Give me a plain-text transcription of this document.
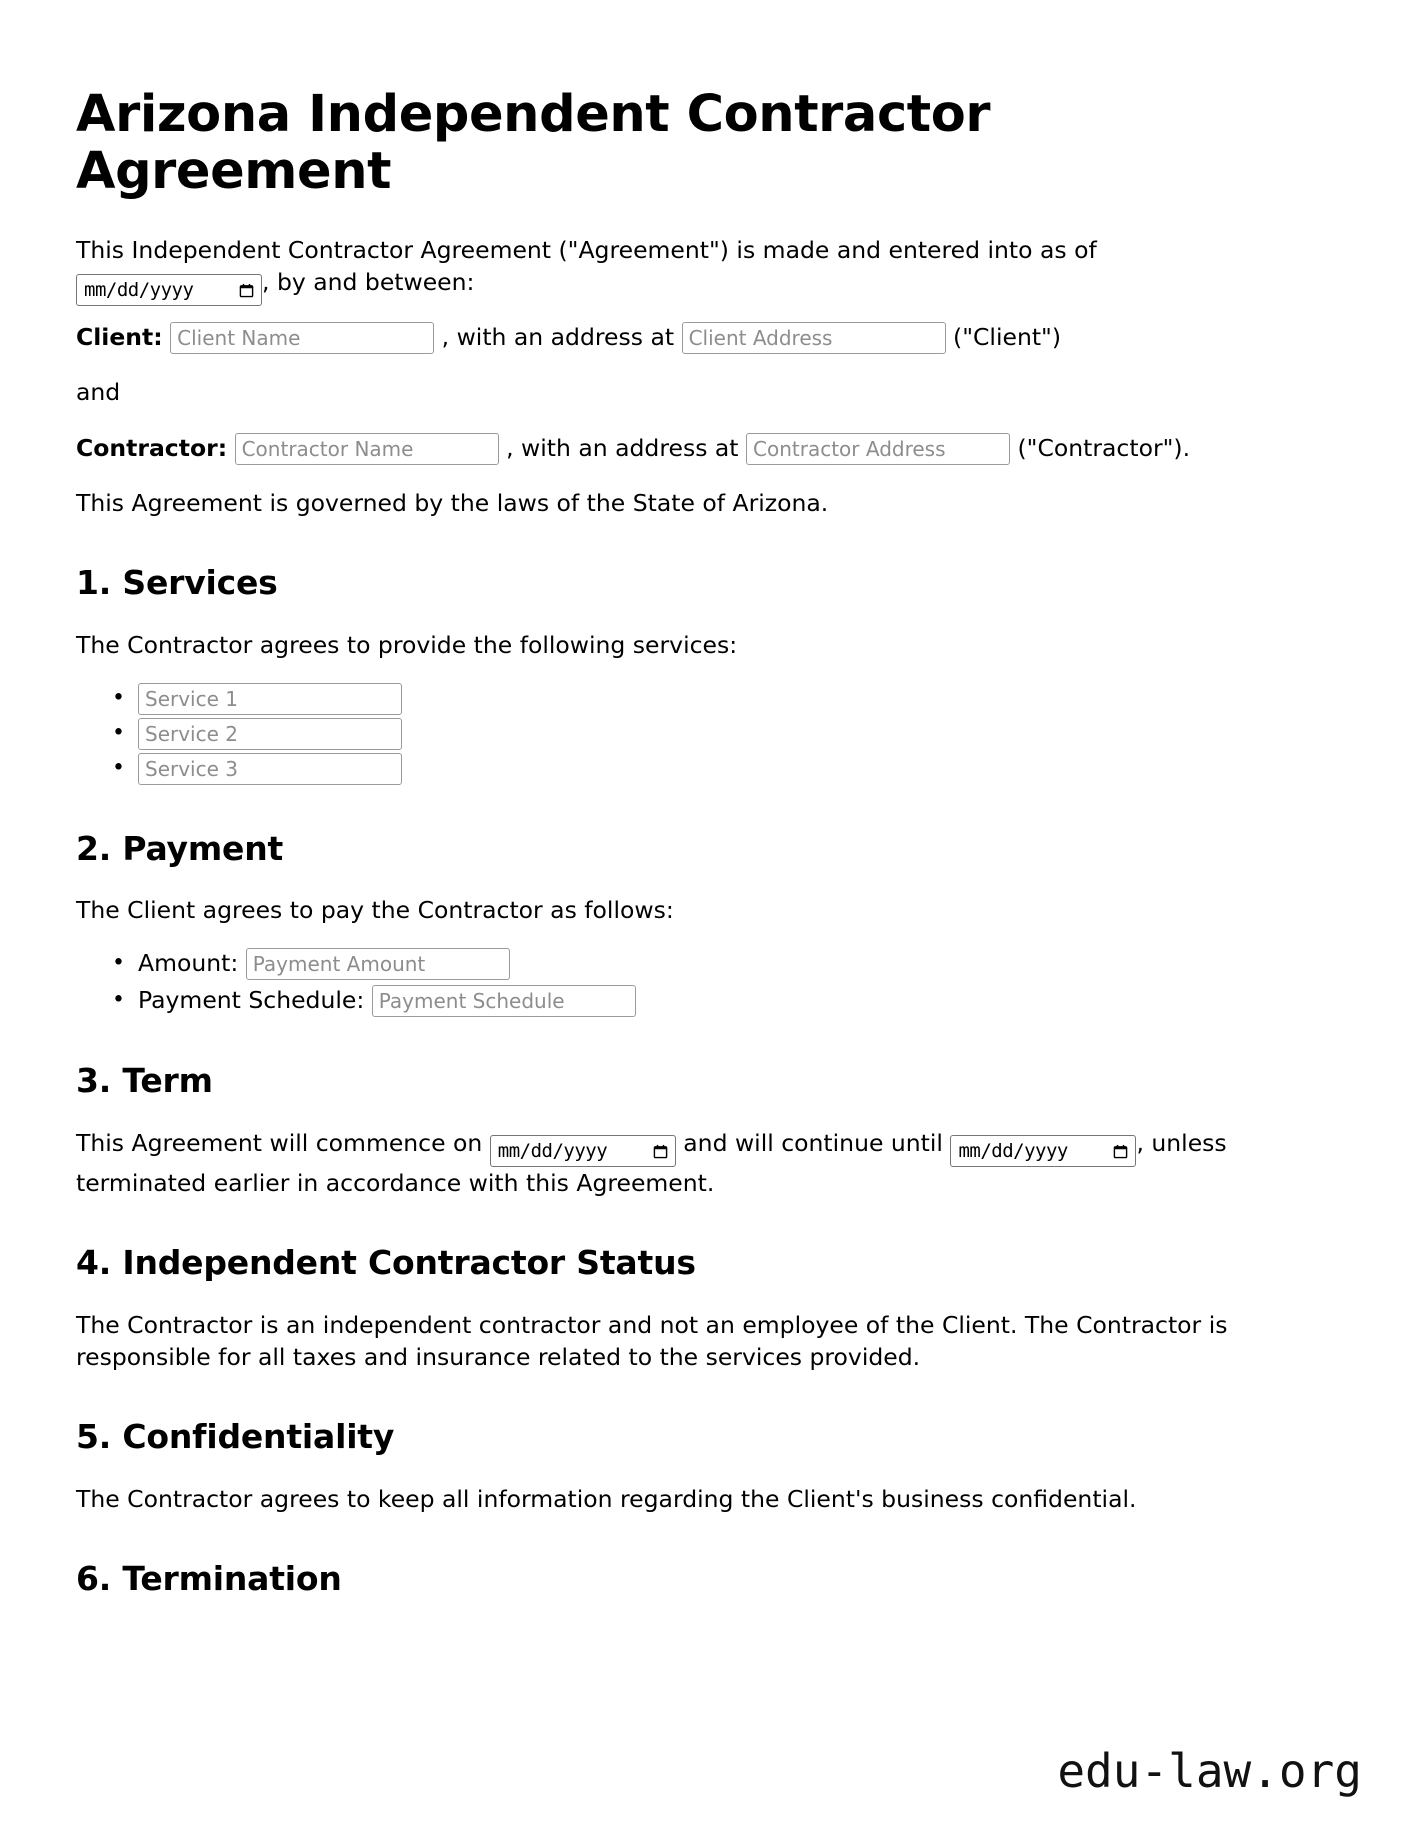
Arizona Independent Contractor Agreement

This Independent Contractor Agreement ("Agreement") is made and entered into as of

mm/dd/yyyy	, by and between:

Client: Client Name	, with an address at Client Address	("Client")

and

Contractor: Contractor Name	, with an address at Contractor Address	("Contractor").

This Agreement is governed by the laws of the State of Arizona.

1. Services

The Contractor agrees to provide the following services:

• Service 1
• Service 2
• Service 3
2. Payment

The Client agrees to pay the Contractor as follows:

• Amount: Payment Amount
• Payment Schedule: Payment Schedule
3. Term

This Agreement will commence on mm/dd/yyyy	and will continue until mm/dd/yyyy	, unless terminated earlier in accordance with this Agreement.

4. Independent Contractor Status

The Contractor is an independent contractor and not an employee of the Client. The Contractor is responsible for all taxes and insurance related to the services provided.

5. Confidentiality

The Contractor agrees to keep all information regarding the Client's business confidential.

6. Termination
edu-law.org
